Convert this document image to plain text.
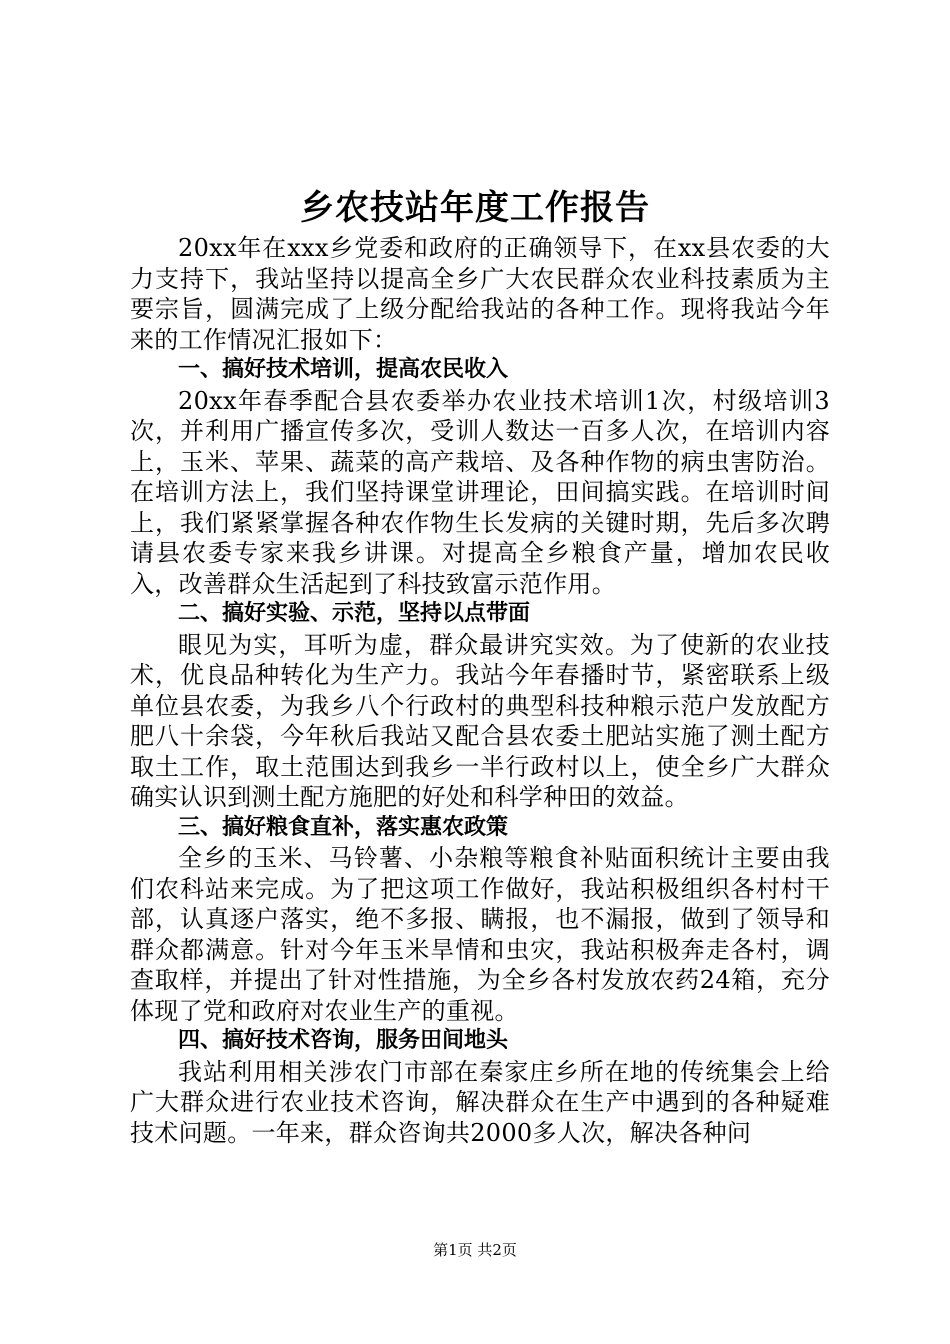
乡农技站年度工作报告

20xx年在xxx乡党委和政府的正确领导下，在xx县农委的大力支持下，我站坚持以提高全乡广大农民群众农业科技素质为主要宗旨，圆满完成了上级分配给我站的各种工作。现将我站今年来的工作情况汇报如下：

一、搞好技术培训，提高农民收入

20xx年春季配合县农委举办农业技术培训1次，村级培训3次，并利用广播宣传多次，受训人数达一百多人次，在培训内容上，玉米、苹果、蔬菜的高产栽培、及各种作物的病虫害防治。在培训方法上，我们坚持课堂讲理论，田间搞实践。在培训时间上，我们紧紧掌握各种农作物生长发病的关键时期，先后多次聘请县农委专家来我乡讲课。对提高全乡粮食产量，增加农民收入，改善群众生活起到了科技致富示范作用。

二、搞好实验、示范，坚持以点带面

眼见为实，耳听为虚，群众最讲究实效。为了使新的农业技术，优良品种转化为生产力。我站今年春播时节，紧密联系上级单位县农委，为我乡八个行政村的典型科技种粮示范户发放配方肥八十余袋，今年秋后我站又配合县农委土肥站实施了测土配方取土工作，取土范围达到我乡一半行政村以上，使全乡广大群众确实认识到测土配方施肥的好处和科学种田的效益。

三、搞好粮食直补，落实惠农政策

全乡的玉米、马铃薯、小杂粮等粮食补贴面积统计主要由我们农科站来完成。为了把这项工作做好，我站积极组织各村村干部，认真逐户落实，绝不多报、瞒报，也不漏报，做到了领导和群众都满意。针对今年玉米旱情和虫灾，我站积极奔走各村，调查取样，并提出了针对性措施，为全乡各村发放农药24箱，充分体现了党和政府对农业生产的重视。

四、搞好技术咨询，服务田间地头

我站利用相关涉农门市部在秦家庄乡所在地的传统集会上给广大群众进行农业技术咨询，解决群众在生产中遇到的各种疑难技术问题。一年来，群众咨询共2000多人次，解决各种问

第1页 共2页
